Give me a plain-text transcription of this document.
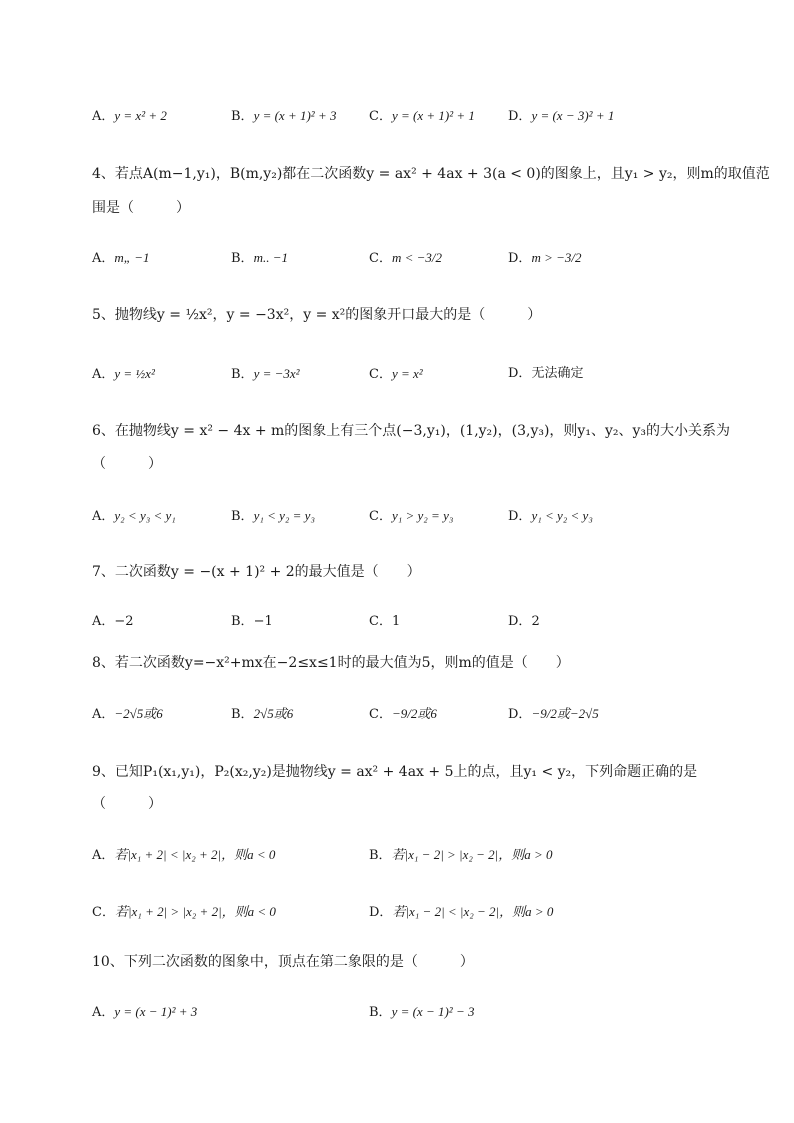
A．y = x² + 2	B．y = (x + 1)² + 3	C．y = (x + 1)² + 1	D．y = (x − 3)² + 1
4、若点A(m−1,y₁)，B(m,y₂)都在二次函数y = ax² + 4ax + 3(a < 0)的图象上，且y₁ > y₂，则m的取值范
围是（　　　）
A．m„ −1	B．m.. −1	C．m < −3/2	D．m > −3/2
5、抛物线y = ½x²，y = −3x²，y = x²的图象开口最大的是（　　　）
A．y = ½x²	B．y = −3x²	C．y = x²	D．无法确定
6、在抛物线y = x² − 4x + m的图象上有三个点(−3,y₁)，(1,y₂)，(3,y₃)，则y₁、y₂、y₃的大小关系为
（　　　）
A．y₂ < y₃ < y₁	B．y₁ < y₂ = y₃	C．y₁ > y₂ = y₃	D．y₁ < y₂ < y₃
7、二次函数y = −(x + 1)² + 2的最大值是（　　）
A．−2	B．−1	C．1	D．2
8、若二次函数y=−x²+mx在−2≤x≤1时的最大值为5，则m的值是（　　）
A．−2√5或6	B．2√5或6	C．−9/2或6	D．−9/2或−2√5
9、已知P₁(x₁,y₁)，P₂(x₂,y₂)是抛物线y = ax² + 4ax + 5上的点，且y₁ < y₂，下列命题正确的是
（　　　）
A．若|x₁ + 2| < |x₂ + 2|，则a < 0	B．若|x₁ − 2| > |x₂ − 2|，则a > 0
C．若|x₁ + 2| > |x₂ + 2|，则a < 0	D．若|x₁ − 2| < |x₂ − 2|，则a > 0
10、下列二次函数的图象中，顶点在第二象限的是（　　　）
A．y = (x − 1)² + 3	B．y = (x − 1)² − 3
